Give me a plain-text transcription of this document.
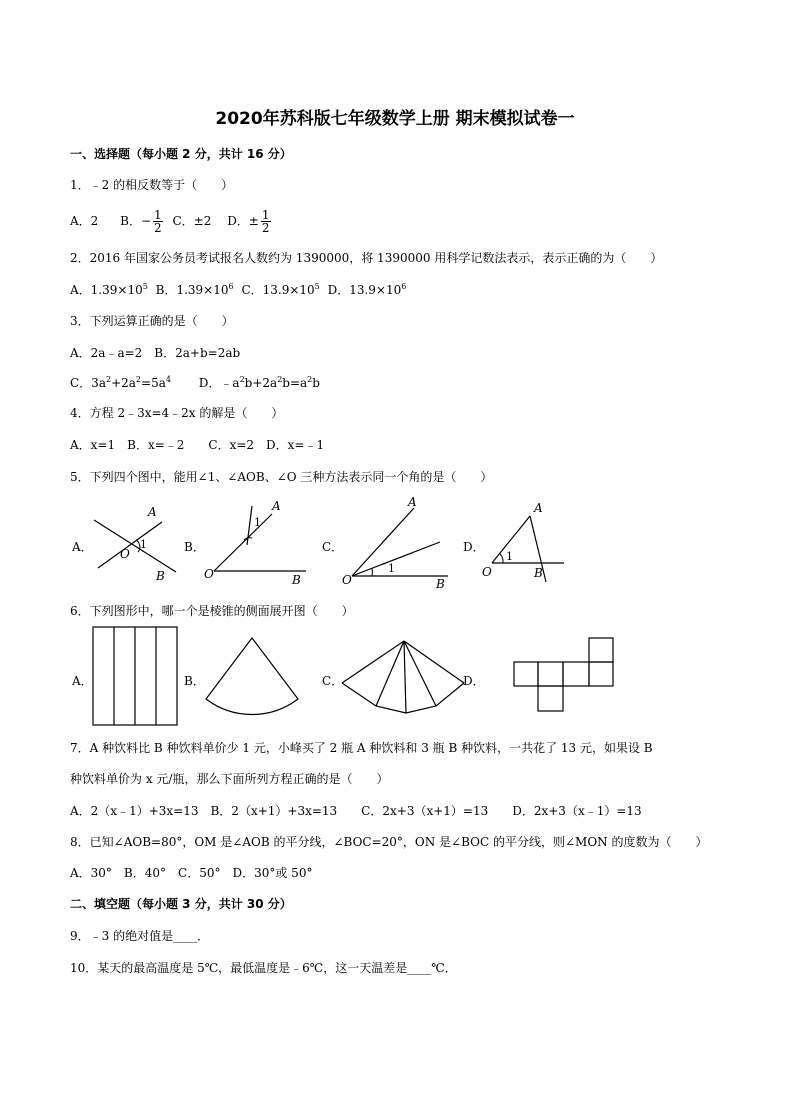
2020年苏科版七年级数学上册 期末模拟试卷一
一、选择题（每小题 2 分，共计 16 分）
1．﹣2 的相反数等于（　　）
A．2 B．− $\frac{1}{2}$ C．±2 D．± $\frac{1}{2}$
2．2016 年国家公务员考试报名人数约为 1390000，将 1390000 用科学记数法表示，表示正确的为（　　）
A．$1.39\times 10^5$ B．$1.39\times 10^6$ C．$13.9\times 10^5$ D．$13.9\times 10^6$
3．下列运算正确的是（　　）
A．2a﹣a=2　B．2a+b=2ab
C．$3a^2+2a^2=5a^4$ D．$﹣a^2b+2a^2b=a^2b$
4．方程 2﹣3x=4﹣2x 的解是（　　）
A．x=1　B．x=﹣2　　C．x=2　D．x=﹣1
5．下列四个图中，能用∠1、∠AOB、∠O 三种方法表示同一个角的是（　　）
A．
A
1
O
B
B．
A
1
O	B
C．
A
1
O	B
D．
A
1
O	B
6．下列图形中，哪一个是棱锥的侧面展开图（　　）
A．	B．	C．	D．
7．A 种饮料比 B 种饮料单价少 1 元，小峰买了 2 瓶 A 种饮料和 3 瓶 B 种饮料，一共花了 13 元，如果设 B
种饮料单价为 x 元/瓶，那么下面所列方程正确的是（　　）
A．2（x﹣1）+3x=13　B．2（x+1）+3x=13　　C．2x+3（x+1）=13　　D．2x+3（x﹣1）=13
8．已知∠AOB=80°，OM 是∠AOB 的平分线，∠BOC=20°，ON 是∠BOC 的平分线，则∠MON 的度数为（　　）
A．30°　B．40°　C．50°　D．30°或 50°
二、填空题（每小题 3 分，共计 30 分）
9．﹣3 的绝对值是____．
10．某天的最高温度是 5℃，最低温度是﹣6℃，这一天温差是____℃．
